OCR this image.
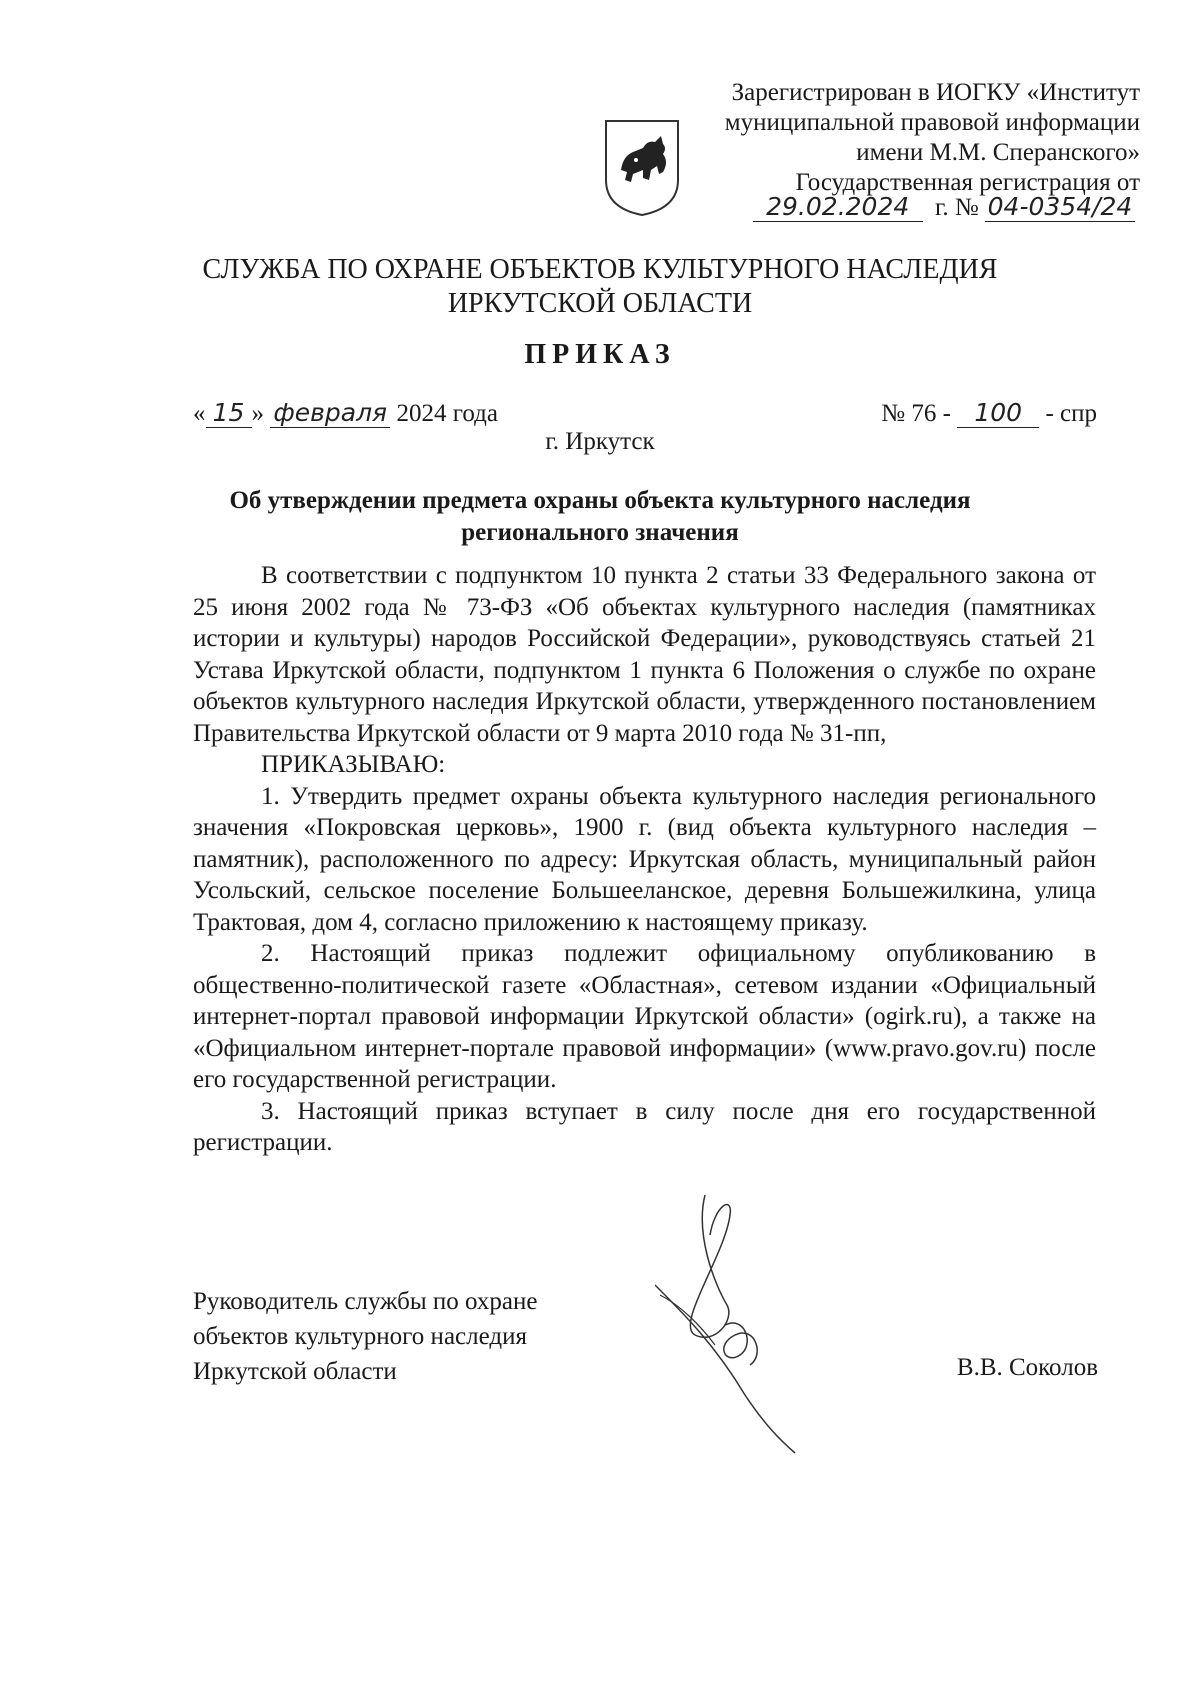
Зарегистрирован в ИОГКУ «Институт
муниципальной правовой информации
имени М.М. Сперанского»
Государственная регистрация от
29.02.2024 г. № 04-0354/24
СЛУЖБА ПО ОХРАНЕ ОБЪЕКТОВ КУЛЬТУРНОГО НАСЛЕДИЯ
ИРКУТСКОЙ ОБЛАСТИ
ПРИКАЗ
« 15 » февраля 2024 года	№ 76 - 100 - спр
г. Иркутск
Об утверждении предмета охраны объекта культурного наследия
регионального значения

В соответствии с подпунктом 10 пункта 2 статьи 33 Федерального закона от 25 июня 2002 года № 73-ФЗ «Об объектах культурного наследия (памятниках истории и культуры) народов Российской Федерации», руководствуясь статьей 21 Устава Иркутской области, подпунктом 1 пункта 6 Положения о службе по охране объектов культурного наследия Иркутской области, утвержденного постановлением Правительства Иркутской области от 9 марта 2010 года № 31-пп,

ПРИКАЗЫВАЮ:

1. Утвердить предмет охраны объекта культурного наследия регионального значения «Покровская церковь», 1900 г. (вид объекта культурного наследия – памятник), расположенного по адресу: Иркутская область, муниципальный район Усольский, сельское поселение Большееланское, деревня Большежилкина, улица Трактовая, дом 4, согласно приложению к настоящему приказу.

2. Настоящий приказ подлежит официальному опубликованию в общественно-политической газете «Областная», сетевом издании «Официальный интернет-портал правовой информации Иркутской области» (ogirk.ru), а также на «Официальном интернет-портале правовой информации» (www.pravo.gov.ru) после его государственной регистрации.

3. Настоящий приказ вступает в силу после дня его государственной регистрации.

Руководитель службы по охране
объектов культурного наследия
Иркутской области	В.В. Соколов
